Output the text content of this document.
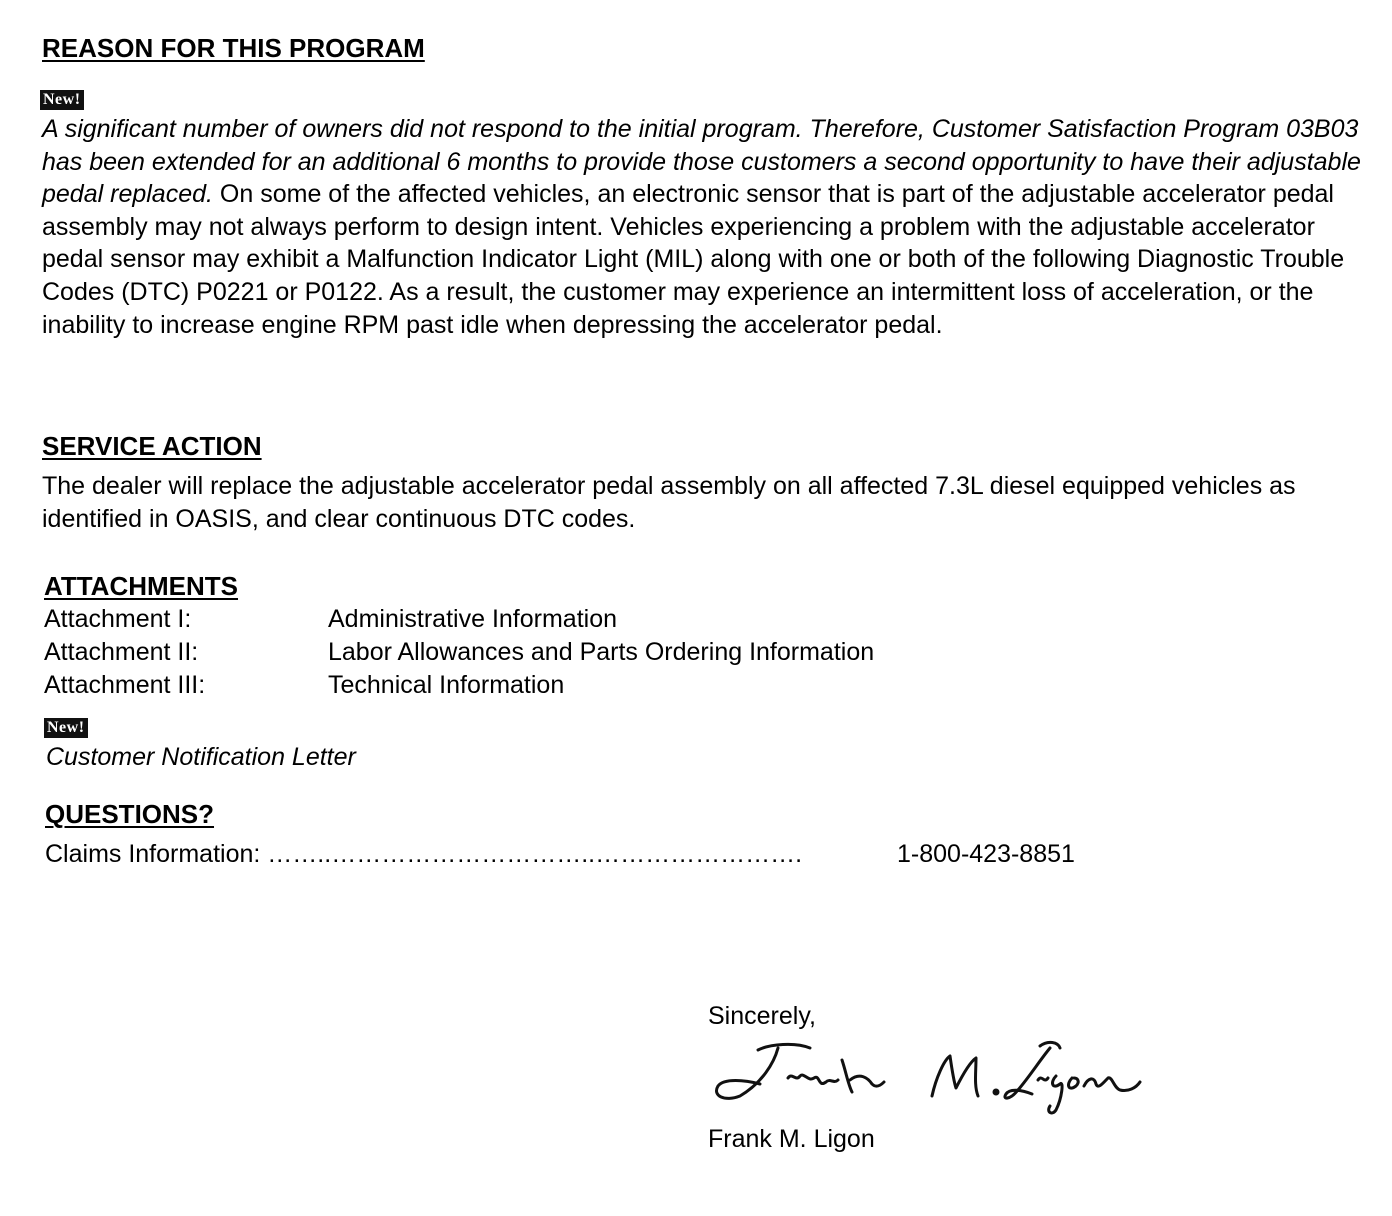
REASON FOR THIS PROGRAM
New!

A significant number of owners did not respond to the initial program. Therefore, Customer Satisfaction Program 03B03 has been extended for an additional 6 months to provide those customers a second opportunity to have their adjustable pedal replaced. On some of the affected vehicles, an electronic sensor that is part of the adjustable accelerator pedal assembly may not always perform to design intent. Vehicles experiencing a problem with the adjustable accelerator pedal sensor may exhibit a Malfunction Indicator Light (MIL) along with one or both of the following Diagnostic Trouble Codes (DTC) P0221 or P0122. As a result, the customer may experience an intermittent loss of acceleration, or the inability to increase engine RPM past idle when depressing the accelerator pedal.

SERVICE ACTION

The dealer will replace the adjustable accelerator pedal assembly on all affected 7.3L diesel equipped vehicles as identified in OASIS, and clear continuous DTC codes.

ATTACHMENTS
Attachment I:	Administrative Information
Attachment II:	Labor Allowances and Parts Ordering Information
Attachment III:	Technical Information
New!
Customer Notification Letter
QUESTIONS?
Claims Information: ……..…………………………..…………………….	1-800-423-8851
Sincerely,
Frank M. Ligon
